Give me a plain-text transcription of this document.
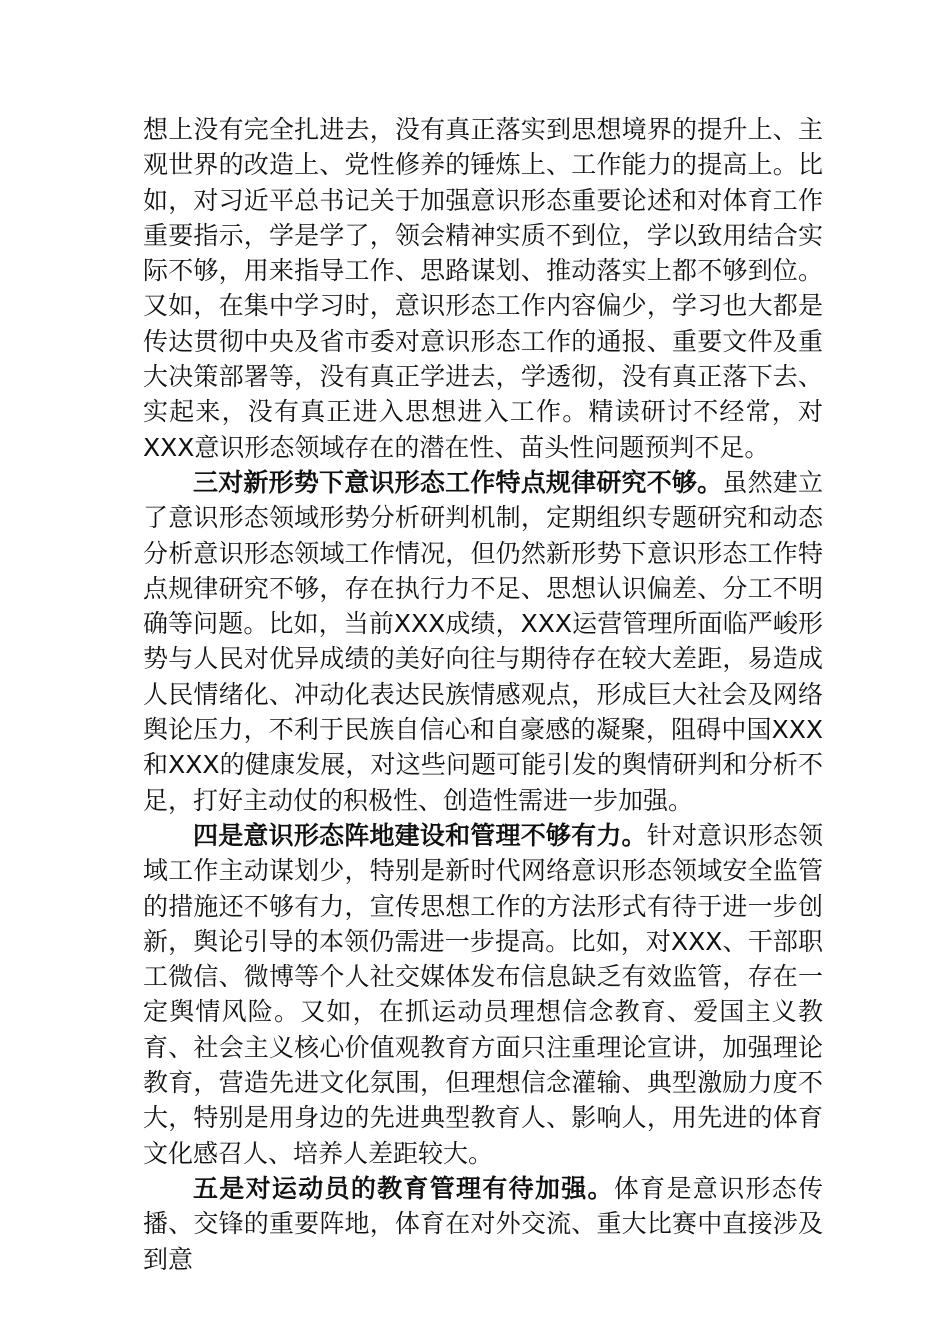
想上没有完全扎进去，没有真正落实到思想境界的提升上、主观世界的改造上、党性修养的锤炼上、工作能力的提高上。比如，对习近平总书记关于加强意识形态重要论述和对体育工作重要指示，学是学了，领会精神实质不到位，学以致用结合实际不够，用来指导工作、思路谋划、推动落实上都不够到位。又如，在集中学习时，意识形态工作内容偏少，学习也大都是传达贯彻中央及省市委对意识形态工作的通报、重要文件及重大决策部署等，没有真正学进去，学透彻，没有真正落下去、实起来，没有真正进入思想进入工作。精读研讨不经常，对XXX意识形态领域存在的潜在性、苗头性问题预判不足。

三对新形势下意识形态工作特点规律研究不够。虽然建立了意识形态领域形势分析研判机制，定期组织专题研究和动态分析意识形态领域工作情况，但仍然新形势下意识形态工作特点规律研究不够，存在执行力不足、思想认识偏差、分工不明确等问题。比如，当前XXX成绩，XXX运营管理所面临严峻形势与人民对优异成绩的美好向往与期待存在较大差距，易造成人民情绪化、冲动化表达民族情感观点，形成巨大社会及网络舆论压力，不利于民族自信心和自豪感的凝聚，阻碍中国XXX和XXX的健康发展，对这些问题可能引发的舆情研判和分析不足，打好主动仗的积极性、创造性需进一步加强。

四是意识形态阵地建设和管理不够有力。针对意识形态领域工作主动谋划少，特别是新时代网络意识形态领域安全监管的措施还不够有力，宣传思想工作的方法形式有待于进一步创新，舆论引导的本领仍需进一步提高。比如，对XXX、干部职工微信、微博等个人社交媒体发布信息缺乏有效监管，存在一定舆情风险。又如，在抓运动员理想信念教育、爱国主义教育、社会主义核心价值观教育方面只注重理论宣讲，加强理论教育，营造先进文化氛围，但理想信念灌输、典型激励力度不大，特别是用身边的先进典型教育人、影响人，用先进的体育文化感召人、培养人差距较大。

五是对运动员的教育管理有待加强。体育是意识形态传播、交锋的重要阵地，体育在对外交流、重大比赛中直接涉及到意
